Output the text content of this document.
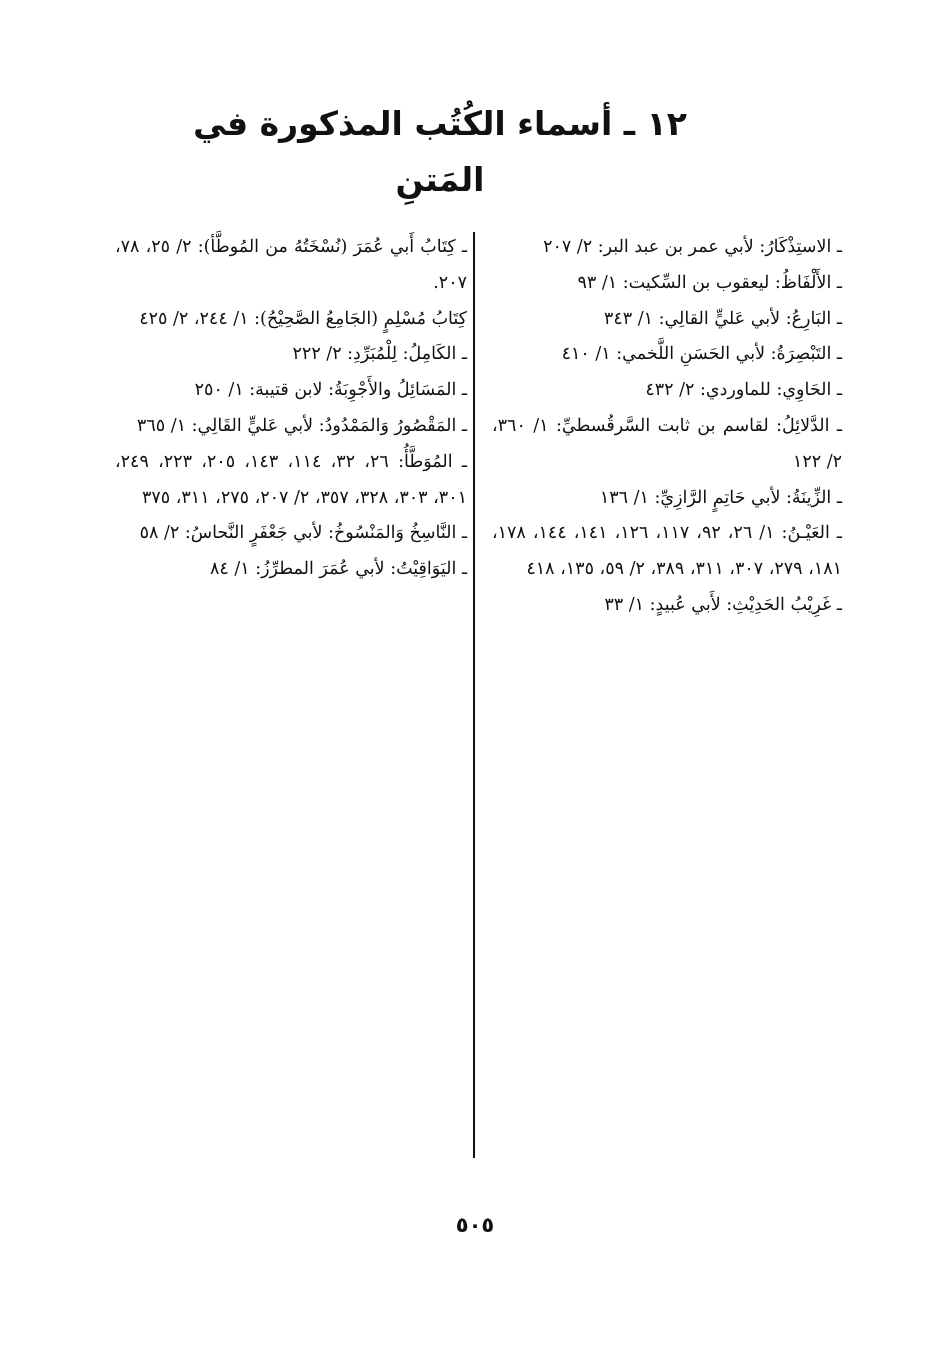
١٢ ـ أسماء الكُتُب المذكورة في المَتنِ

ـ الاستِذْكَارُ: لأبي عمر بن عبد البر: ٢/ ٢٠٧

ـ الأَلْفَاظُ: ليعقوب بن السِّكيت: ١/ ٩٣

ـ البَارِعُ: لأبي عَليٍّ القالِي: ١/ ٣٤٣

ـ التَبْصِرَةُ: لأبي الحَسَنِ اللَّخمي: ١/ ٤١٠

ـ الحَاوِي: للماوردي: ٢/ ٤٣٢

ـ الدَّلائِلُ: لقاسم بن ثابت السَّرقُسطيِّ: ١/ ٣٦٠، ٢/ ١٢٢

ـ الزِّينَةُ: لأبي حَاتِمٍ الرَّازِيِّ: ١/ ١٣٦

ـ العَيْـنُ: ١/ ٢٦، ٩٢، ١١٧، ١٢٦، ١٤١، ١٤٤، ١٧٨، ١٨١، ٢٧٩، ٣٠٧، ٣١١، ٣٨٩، ٢/ ٥٩، ١٣٥، ٤١٨

ـ غَرِيْبُ الحَدِيْثِ: لأَبي عُبيدٍ: ١/ ٣٣

ـ كِتَابُ أَبي عُمَرَ (نُسْخَتُهُ من المُوطَّأ): ٢/ ٢٥، ٧٨، ٢٠٧.

كِتَابُ مُسْلِمٍ (الجَامِعُ الصَّحِيْحُ): ١/ ٢٤٤، ٢/ ٤٢٥

ـ الكَامِلُ: لِلْمُبَرِّدِ: ٢/ ٢٢٢

ـ المَسَائِلُ والأَجْوِبَةُ: لابن قتيبة: ١/ ٢٥٠

ـ المَقْصُورُ وَالمَمْدُودُ: لأبي عَليٍّ القَالِي: ١/ ٣٦٥

ـ المُوَطَّأُ: ٢٦، ٣٢، ١١٤، ١٤٣، ٢٠٥، ٢٢٣، ٢٤٩، ٣٠١، ٣٠٣، ٣٢٨، ٣٥٧، ٢/ ٢٠٧، ٢٧٥، ٣١١، ٣٧٥

ـ النَّاسِخُ وَالمَنْسُوخُ: لأبي جَعْفَرٍ النَّحاسُ: ٢/ ٥٨

ـ اليَوَاقِيْتُ: لأبي عُمَرَ المطرِّزُ: ١/ ٨٤

٥٠٥
